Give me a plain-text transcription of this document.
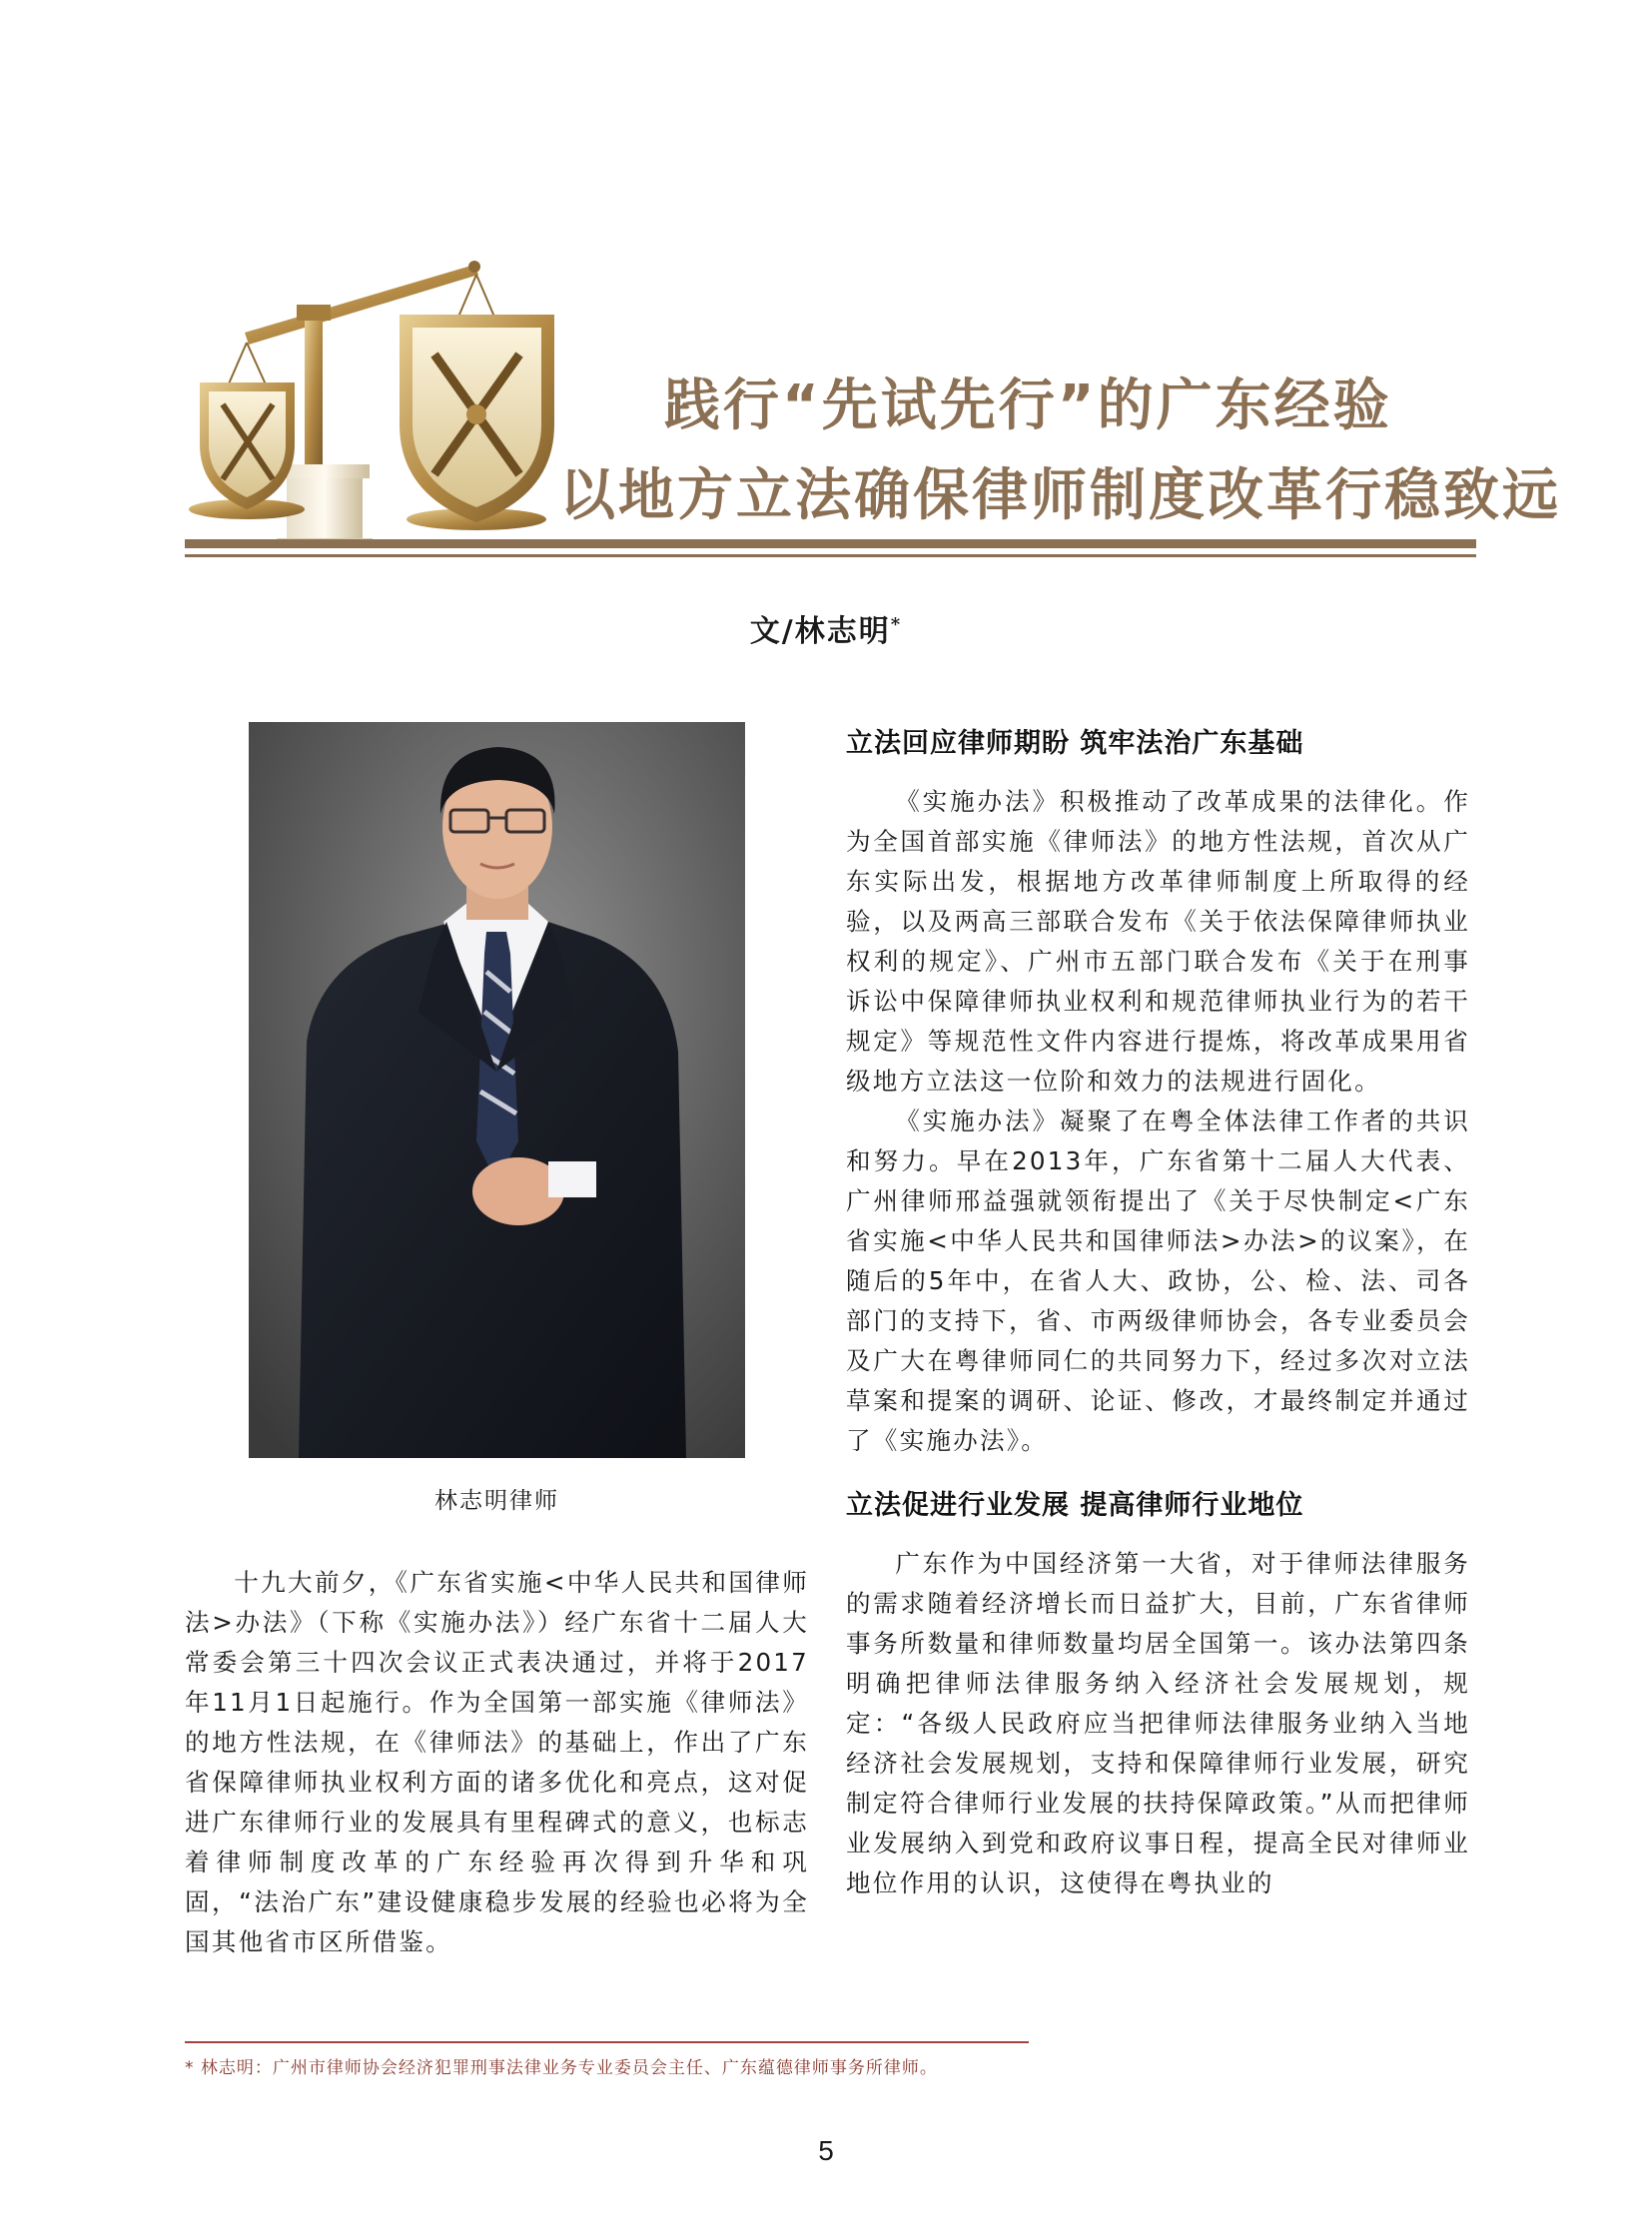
践行“先试先行”的广东经验
以地方立法确保律师制度改革行稳致远
文/林志明*
林志明律师

十九大前夕，《广东省实施<中华人民共和国律师法>办法》（下称《实施办法》）经广东省十二届人大常委会第三十四次会议正式表决通过，并将于2017年11月1日起施行。作为全国第一部实施《律师法》的地方性法规，在《律师法》的基础上，作出了广东省保障律师执业权利方面的诸多优化和亮点，这对促进广东律师行业的发展具有里程碑式的意义，也标志着律师制度改革的广东经验再次得到升华和巩固，“法治广东”建设健康稳步发展的经验也必将为全国其他省市区所借鉴。

立法回应律师期盼 筑牢法治广东基础

《实施办法》积极推动了改革成果的法律化。作为全国首部实施《律师法》的地方性法规，首次从广东实际出发，根据地方改革律师制度上所取得的经验，以及两高三部联合发布《关于依法保障律师执业权利的规定》、广州市五部门联合发布《关于在刑事诉讼中保障律师执业权利和规范律师执业行为的若干规定》等规范性文件内容进行提炼，将改革成果用省级地方立法这一位阶和效力的法规进行固化。

《实施办法》凝聚了在粤全体法律工作者的共识和努力。早在2013年，广东省第十二届人大代表、广州律师邢益强就领衔提出了《关于尽快制定<广东省实施<中华人民共和国律师法>办法>的议案》，在随后的5年中，在省人大、政协，公、检、法、司各部门的支持下，省、市两级律师协会，各专业委员会及广大在粤律师同仁的共同努力下，经过多次对立法草案和提案的调研、论证、修改，才最终制定并通过了《实施办法》。

立法促进行业发展 提高律师行业地位

广东作为中国经济第一大省，对于律师法律服务的需求随着经济增长而日益扩大，目前，广东省律师事务所数量和律师数量均居全国第一。该办法第四条明确把律师法律服务纳入经济社会发展规划，规定：“各级人民政府应当把律师法律服务业纳入当地经济社会发展规划，支持和保障律师行业发展，研究制定符合律师行业发展的扶持保障政策。”从而把律师业发展纳入到党和政府议事日程，提高全民对律师业地位作用的认识，这使得在粤执业的

* 林志明：广州市律师协会经济犯罪刑事法律业务专业委员会主任、广东蕴德律师事务所律师。
5
